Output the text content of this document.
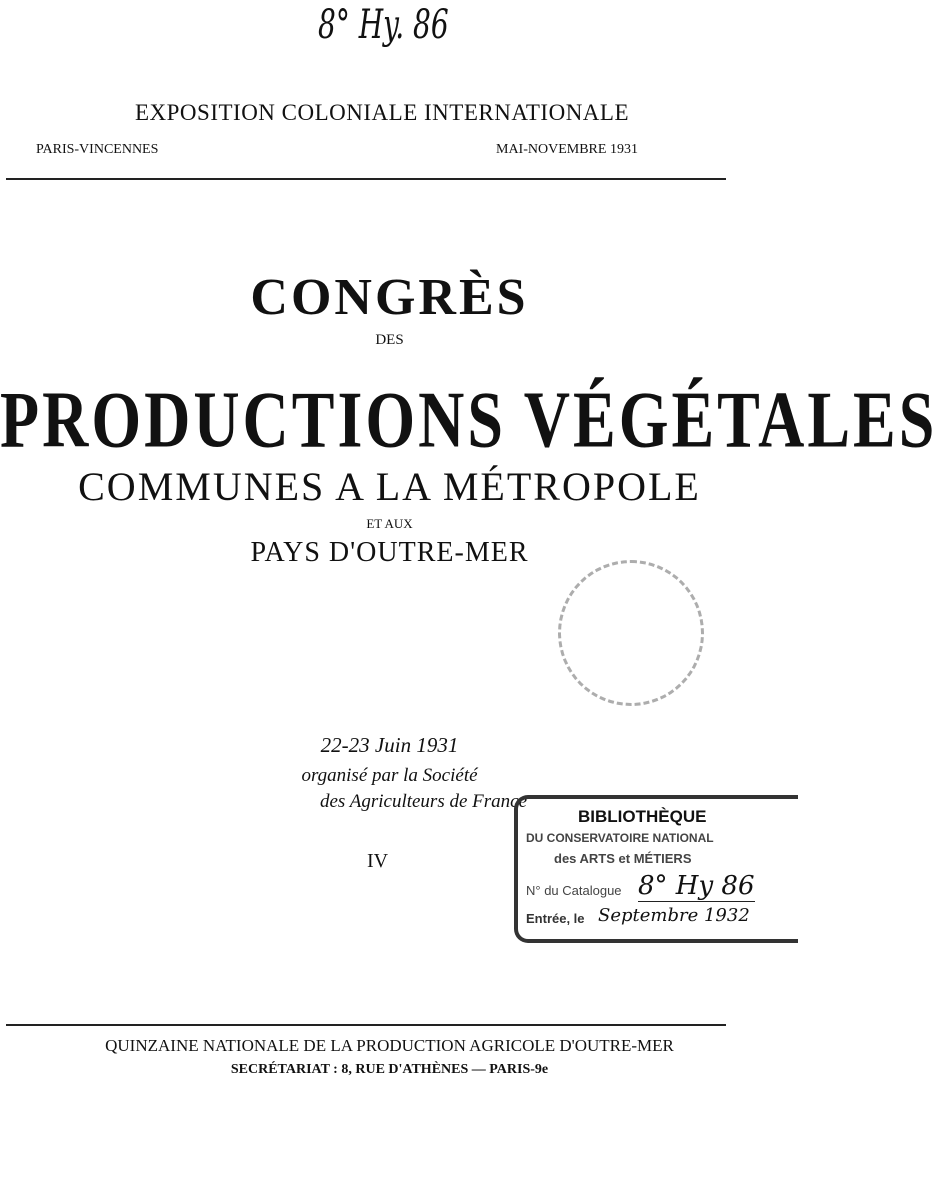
8° Hy. 86
EXPOSITION COLONIALE INTERNATIONALE
PARIS-VINCENNES	MAI-NOVEMBRE 1931
CONGRÈS
DES
PRODUCTIONS VÉGÉTALES
COMMUNES A LA MÉTROPOLE
ET AUX
PAYS D'OUTRE-MER
22-23 Juin 1931
organisé par la Société
des Agriculteurs de France
IV
BIBLIOTHÈQUE
DU CONSERVATOIRE NATIONAL
des ARTS et MÉTIERS
N° du Catalogue 8° Hy 86
Entrée, le Septembre 1932
QUINZAINE NATIONALE DE LA PRODUCTION AGRICOLE D'OUTRE-MER
SECRÉTARIAT : 8, RUE D'ATHÈNES — PARIS-9e
